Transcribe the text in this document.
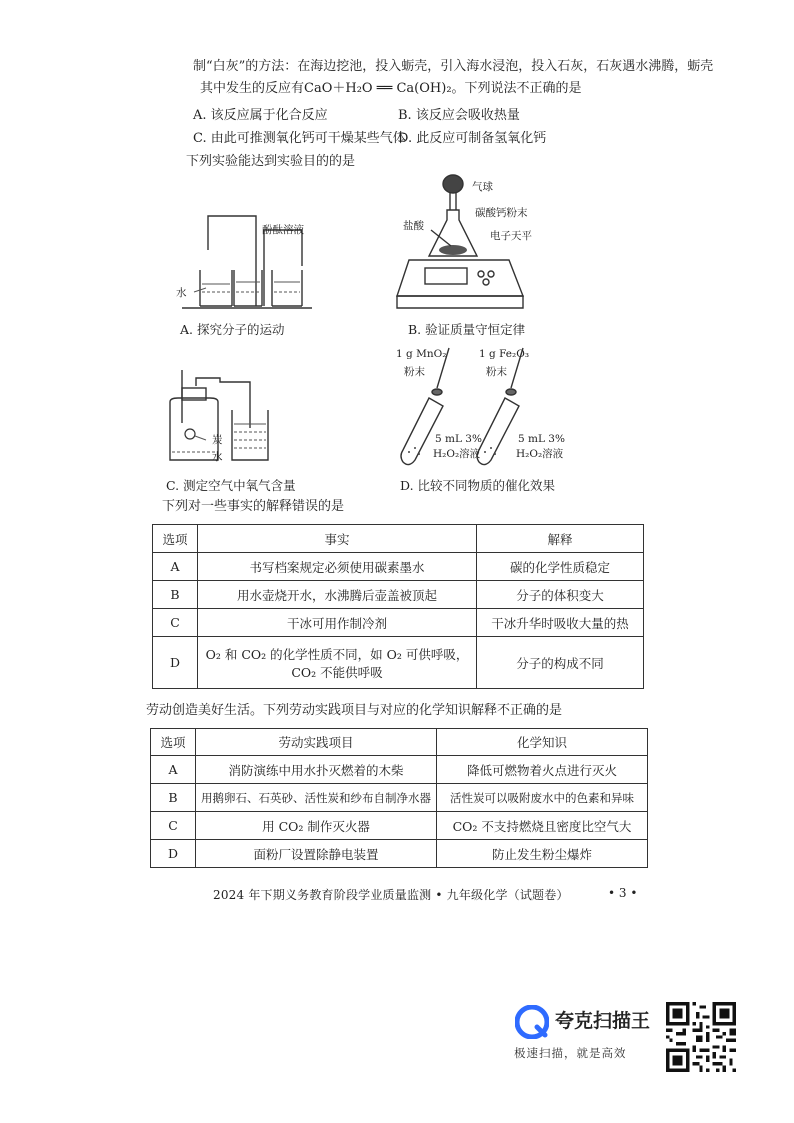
制“白灰”的方法：在海边挖池，投入蛎壳，引入海水浸泡，投入石灰，石灰遇水沸腾，蛎壳
其中发生的反应有CaO＋H₂O ══ Ca(OH)₂。下列说法不正确的是
A. 该反应属于化合反应	B. 该反应会吸收热量
C. 由此可推测氧化钙可干燥某些气体
D. 此反应可制备氢氧化钙
下列实验能达到实验目的的是
酚酞溶液
水
A. 探究分子的运动
气球
碳酸钙粉末
盐酸
电子天平
B. 验证质量守恒定律
炭
水
C. 测定空气中氧气含量
1 g MnO₂
粉末
1 g Fe₂O₃
粉末
5 mL 3%
H₂O₂溶液
5 mL 3%
H₂O₂溶液
D. 比较不同物质的催化效果
下列对一些事实的解释错误的是
选项	事实	解释
A	书写档案规定必须使用碳素墨水	碳的化学性质稳定
B	用水壶烧开水，水沸腾后壶盖被顶起	分子的体积变大
C	干冰可用作制冷剂	干冰升华时吸收大量的热
D	O₂ 和 CO₂ 的化学性质不同，如 O₂ 可供呼吸，
CO₂ 不能供呼吸	分子的构成不同
劳动创造美好生活。下列劳动实践项目与对应的化学知识解释不正确的是
选项	劳动实践项目	化学知识
A	消防演练中用水扑灭燃着的木柴	降低可燃物着火点进行灭火
B	用鹅卵石、石英砂、活性炭和纱布自制净水器	活性炭可以吸附废水中的色素和异味
C	用 CO₂ 制作灭火器	CO₂ 不支持燃烧且密度比空气大
D	面粉厂设置除静电装置	防止发生粉尘爆炸
2024 年下期义务教育阶段学业质量监测 • 九年级化学（试题卷）	• 3 •
夸克扫描王
极速扫描，就是高效
